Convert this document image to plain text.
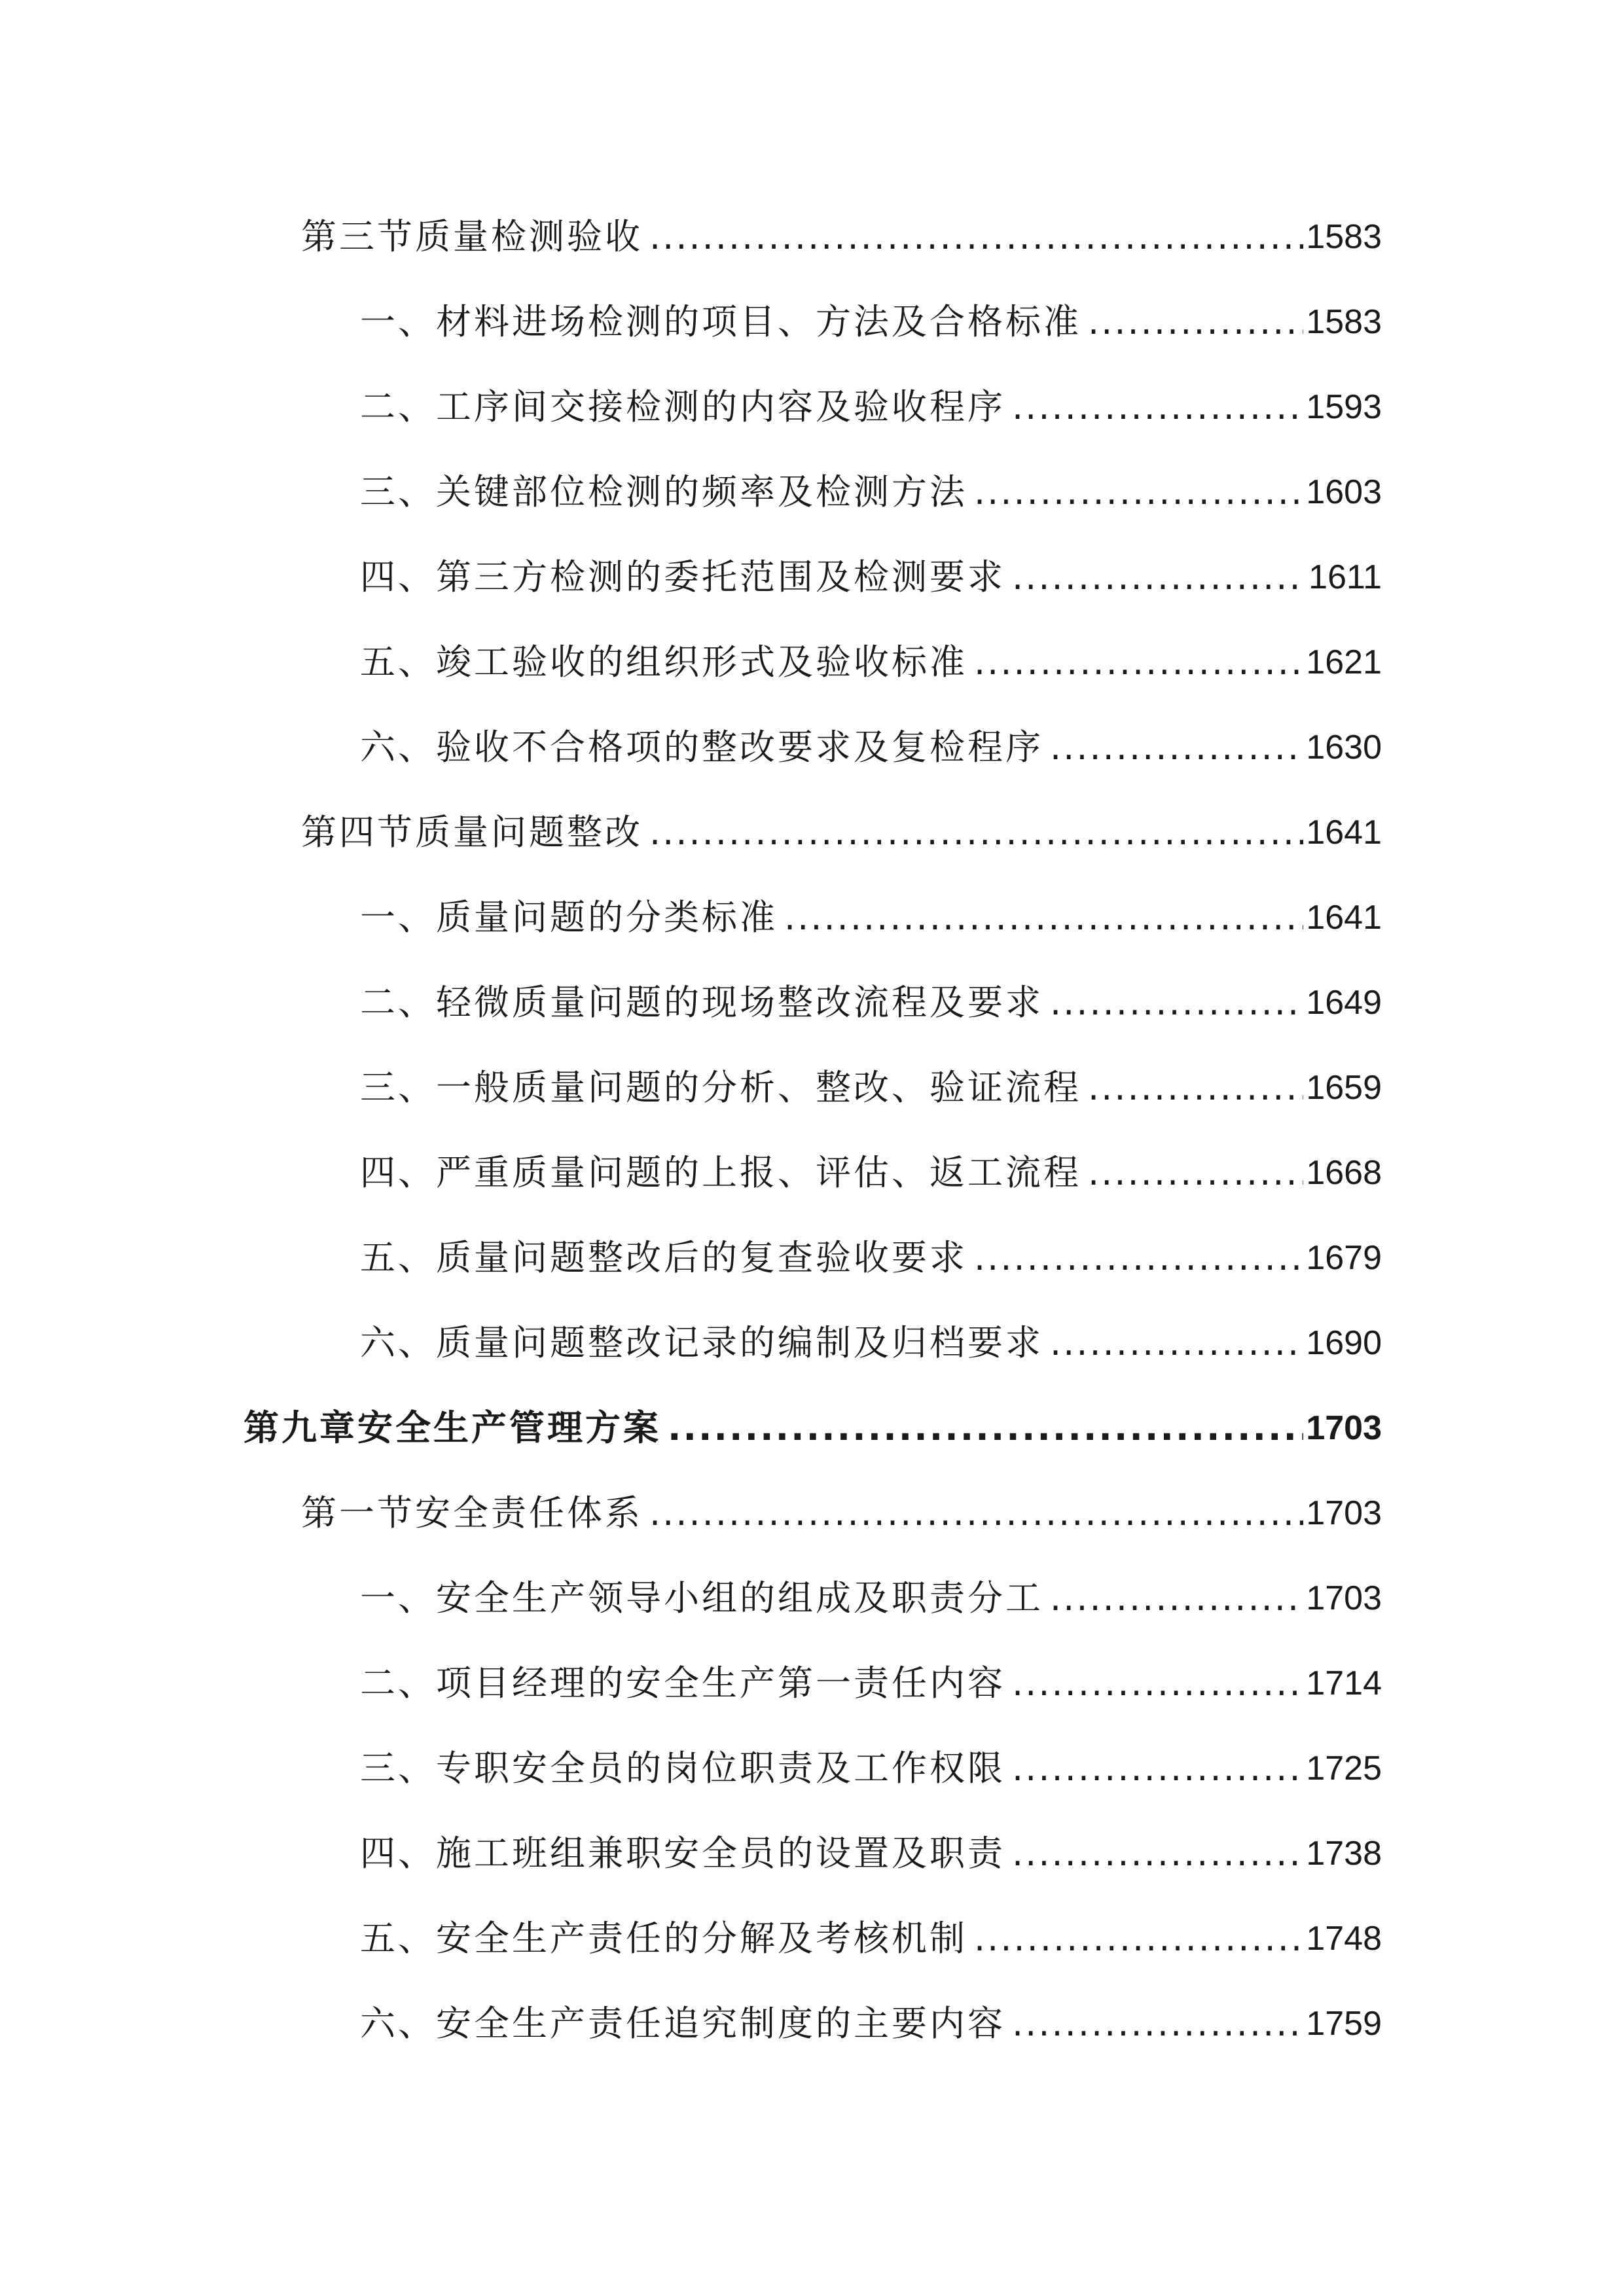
第三节质量检测验收 .....	1583
一、材料进场检测的项目、方法及合格标准 .....	1583
二、工序间交接检测的内容及验收程序 .....	1593
三、关键部位检测的频率及检测方法 .....	1603
四、第三方检测的委托范围及检测要求 .....	1611
五、竣工验收的组织形式及验收标准 .....	1621
六、验收不合格项的整改要求及复检程序 .....	1630
第四节质量问题整改 .....	1641
一、质量问题的分类标准 .....	1641
二、轻微质量问题的现场整改流程及要求 .....	1649
三、一般质量问题的分析、整改、验证流程 .....	1659
四、严重质量问题的上报、评估、返工流程 .....	1668
五、质量问题整改后的复查验收要求 .....	1679
六、质量问题整改记录的编制及归档要求 .....	1690
第九章安全生产管理方案 .....	1703
第一节安全责任体系 .....	1703
一、安全生产领导小组的组成及职责分工 .....	1703
二、项目经理的安全生产第一责任内容 .....	1714
三、专职安全员的岗位职责及工作权限 .....	1725
四、施工班组兼职安全员的设置及职责 .....	1738
五、安全生产责任的分解及考核机制 .....	1748
六、安全生产责任追究制度的主要内容 .....	1759
